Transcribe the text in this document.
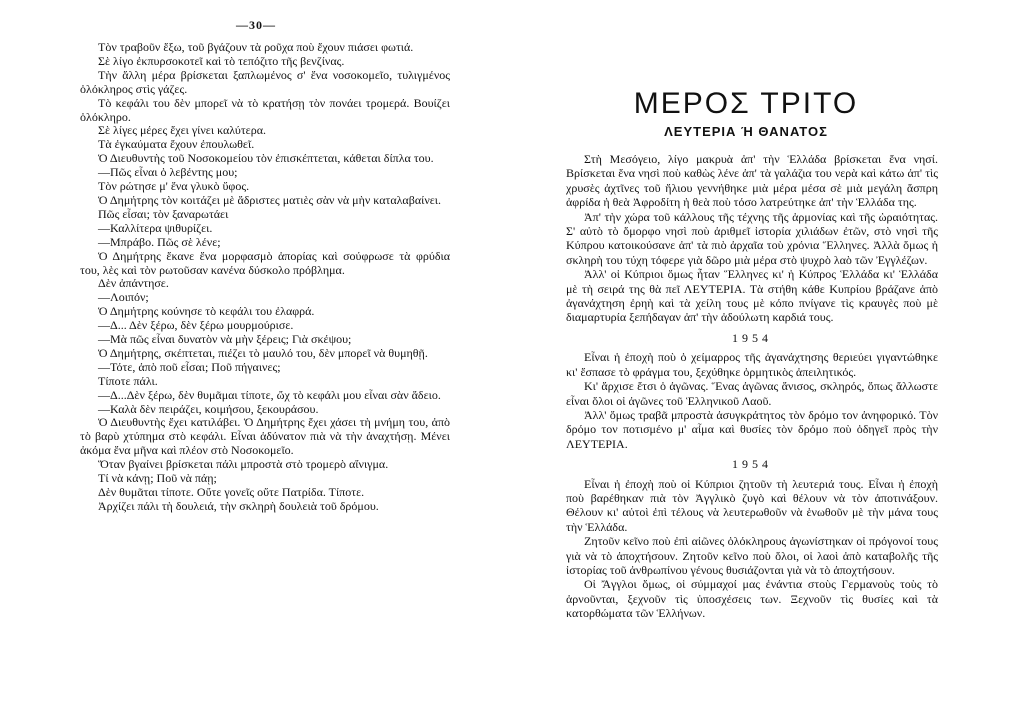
—30—

Τὸν τραβοῦν ἔξω, τοῦ βγάζουν τὰ ροῦχα ποὺ ἔχουν πιάσει φωτιά.

Σὲ λίγο ἐκπυρσοκοτεῖ καὶ τὸ τεπόζιτο τῆς βενζίνας.

Τὴν ἄλλη μέρα βρίσκεται ξαπλωμένος σ' ἕνα νοσοκομεῖο, τυλιγμένος ὁλόκληρος στὶς γάζες.

Τὸ κεφάλι του δὲν μπορεῖ νὰ τὸ κρατήσῃ τὸν πονάει τρομερά. Βουίζει ὁλόκληρο.

Σὲ λίγες μέρες ἔχει γίνει καλύτερα.

Τὰ ἐγκαύματα ἔχουν ἐπουλωθεῖ.

Ὁ Διευθυντὴς τοῦ Νοσοκομείου τὸν ἐπισκέπτεται, κάθεται δίπλα του.

—Πῶς εἶναι ὁ λεβέντης μου;

Τὸν ρώτησε μ' ἕνα γλυκὸ ὕφος.

Ὁ Δημήτρης τὸν κοιτάζει μὲ ἄδριστες ματιὲς σὰν νὰ μὴν καταλαβαίνει.

Πῶς εἶσαι; τὸν ξαναρωτάει

—Καλλίτερα ψιθυρίζει.

—Μπράβο. Πῶς σὲ λένε;

Ὁ Δημήτρης ἔκανε ἕνα μορφασμὸ ἀπορίας καὶ σούφρωσε τὰ φρύδια του, λὲς καὶ τὸν ρωτοῦσαν κανένα δύσκολο πρόβλημα.

Δὲν ἀπάντησε.

—Λοιπόν;

Ὁ Δημήτρης κούνησε τὸ κεφάλι του ἐλαφρά.

—Δ... Δὲν ξέρω, δὲν ξέρω μουρμούρισε.

—Μὰ πῶς εἶναι δυνατὸν νὰ μὴν ξέρεις; Γιὰ σκέψου;

Ὁ Δημήτρης, σκέπτεται, πιέζει τὸ μαυλό του, δὲν μπορεῖ νὰ θυμηθῇ.

—Τότε, ἀπὸ ποῦ εἶσαι; Ποῦ πήγαινες;

Τίποτε πάλι.

—Δ...Δὲν ξέρω, δὲν θυμᾶμαι τίποτε, ὤχ τὸ κεφάλι μου εἶναι σὰν ἄδειο.

—Καλὰ δὲν πειράζει, κοιμήσου, ξεκουράσου.

Ὁ Διευθυντὴς ἔχει κατιλάβει. Ὁ Δημήτρης ἔχει χάσει τὴ μνήμη του, ἀπὸ τὸ βαρὺ χτύπημα στὸ κεφάλι. Εἶναι ἀδύνατον πιὰ νὰ τὴν ἀναχτήσῃ. Μένει ἀκόμα ἕνα μῆνα καὶ πλέον στὸ Νοσοκομεῖο.

Ὅταν βγαίνει βρίσκεται πάλι μπροστὰ στὸ τρομερὸ αἴνιγμα.

Τί νὰ κάνῃ; Ποῦ νὰ πάῃ;

Δὲν θυμᾶται τίποτε. Οὔτε γονεῖς οὔτε Πατρίδα. Τίποτε.

Ἀρχίζει πάλι τὴ δουλειά, τὴν σκληρὴ δουλειὰ τοῦ δρόμου.

ΜΕΡΟΣ ΤΡΙΤΟ
ΛΕΥΤΕΡΙΑ Ή ΘΑΝΑΤΟΣ

Στὴ Μεσόγειο, λίγο μακρυὰ ἀπ' τὴν Ἑλλάδα βρίσκεται ἕνα νησί. Βρίσκεται ἕνα νησὶ ποὺ καθὼς λένε ἀπ' τὰ γαλάζια του νερὰ καὶ κάτω ἀπ' τὶς χρυσὲς ἀχτῖνες τοῦ ἥλιου γεννήθηκε μιὰ μέρα μέσα σὲ μιὰ μεγάλη ἄσπρη ἀφρίδα ἡ θεὰ Ἀφροδίτη ἡ θεὰ ποὺ τόσο λατρεύτηκε ἀπ' τὴν Ἑλλάδα της.

Ἀπ' τὴν χώρα τοῦ κάλλους τῆς τέχνης τῆς ἁρμονίας καὶ τῆς ὡραιότητας. Σ' αὐτὸ τὸ ὄμορφο νησὶ ποὺ ἀριθμεῖ ἱστορία χιλιάδων ἐτῶν, στὸ νησὶ τῆς Κύπρου κατοικούσανε ἀπ' τὰ πιὸ ἀρχαῖα τοὺ χρόνια Ἕλληνες. Ἀλλὰ ὅμως ἡ σκληρὴ του τύχη τόφερε γιὰ δῶρο μιὰ μέρα στὸ ψυχρὸ λαὸ τῶν Ἐγγλέζων.

Ἀλλ' οἱ Κύπριοι ὅμως ἦταν Ἕλληνες κι' ἡ Κύπρος Ἑλλάδα κι' Ἑλλάδα μὲ τὴ σειρά της θὰ πεῖ ΛΕΥΤΕΡΙΑ. Τὰ στήθη κάθε Κυπρίου βράζανε ἀπὸ ἀγανάχτηση ἐρηὴ καὶ τὰ χείλη τους μὲ κόπο πνίγανε τὶς κραυγὲς ποὺ μὲ διαμαρτυρία ξεπήδαγαν ἀπ' τὴν ἀδούλωτη καρδιά τους.

1954

Εἶναι ἡ ἐποχὴ ποὺ ὁ χείμαρρος τῆς ἀγανάχτησης θεριεύει γιγαντώθηκε κι' ἔσπασε τὸ φράγμα του, ξεχύθηκε ὁρμητικὸς ἀπειλητικός.

Κι' ἄρχισε ἔτσι ὁ ἀγῶνας. Ἕνας ἀγῶνας ἄνισος, σκληρός, ὅπως ἄλλωστε εἶναι ὅλοι οἱ ἀγῶνες τοῦ Ἑλληνικοῦ Λαοῦ.

Ἀλλ' ὅμως τραβᾶ μπροστὰ ἀσυγκράτητος τὸν δρόμο τον ἀνηφορικό. Τὸν δρόμο τον ποτισμένο μ' αἷμα καὶ θυσίες τὸν δρόμο ποὺ ὁδηγεῖ πρὸς τὴν ΛΕΥΤΕΡΙΑ.

1954

Εἶναι ἡ ἐποχὴ ποὺ οἱ Κύπριοι ζητοῦν τὴ λευτεριά τους. Εἶναι ἡ ἐποχὴ ποὺ βαρέθηκαν πιὰ τὸν Ἀγγλικὸ ζυγὸ καὶ θέλουν νὰ τὸν ἀποτινάξουν. Θέλουν κι' αὐτοὶ ἐπὶ τέλους νὰ λευτερωθοῦν νὰ ἑνωθοῦν μὲ τὴν μάνα τους τὴν Ἑλλάδα.

Ζητοῦν κεῖνο ποὺ ἐπὶ αἰῶνες ὁλόκληρους ἀγωνίστηκαν οἱ πρόγονοί τους γιὰ νὰ τὸ ἀποχτήσουν. Ζητοῦν κεῖνο ποὺ ὅλοι, οἱ λαοὶ ἀπὸ καταβολῆς τῆς ἱστορίας τοῦ ἀνθρωπίνου γένους θυσιάζονται γιὰ νὰ τὸ ἀποχτήσουν.

Οἱ Ἄγγλοι ὅμως, οἱ σύμμαχοί μας ἐνάντια στοὺς Γερμανοὺς τοὺς τὸ ἀρνοῦνται, ξεχνοῦν τὶς ὑποσχέσεις των. Ξεχνοῦν τὶς θυσίες καὶ τὰ κατορθώματα τῶν Ἑλλήνων.
